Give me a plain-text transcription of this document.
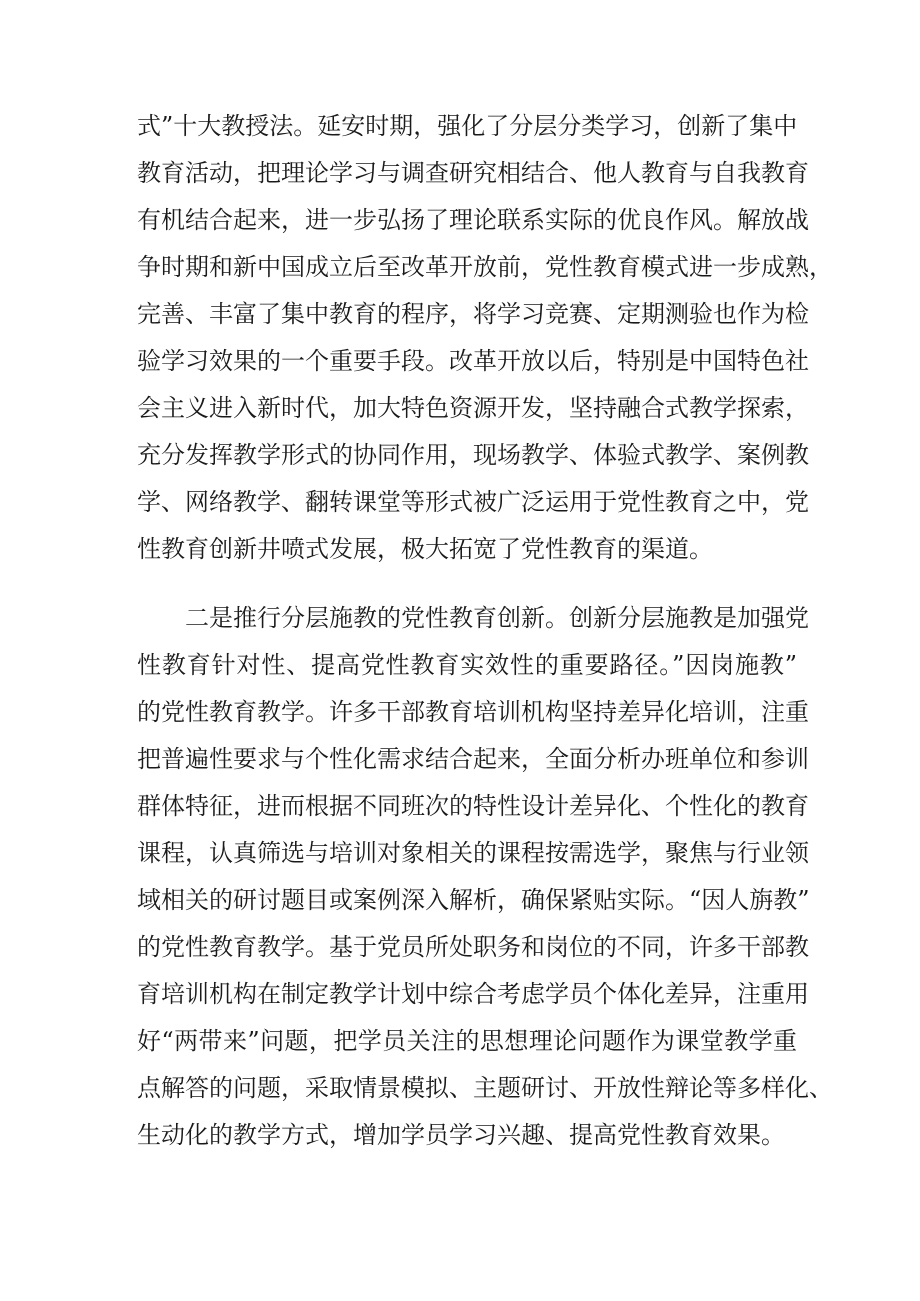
式”十大教授法。延安时期，强化了分层分类学习，创新了集中
教育活动，把理论学习与调查研究相结合、他人教育与自我教育
有机结合起来，进一步弘扬了理论联系实际的优良作风。解放战
争时期和新中国成立后至改革开放前，党性教育模式进一步成熟，
完善、丰富了集中教育的程序，将学习竞赛、定期测验也作为检
验学习效果的一个重要手段。改革开放以后，特别是中国特色社
会主义进入新时代，加大特色资源开发，坚持融合式教学探索，
充分发挥教学形式的协同作用，现场教学、体验式教学、案例教
学、网络教学、翻转课堂等形式被广泛运用于党性教育之中，党
性教育创新井喷式发展，极大拓宽了党性教育的渠道。
二是推行分层施教的党性教育创新。创新分层施教是加强党
性教育针对性、提高党性教育实效性的重要路径。”因岗施教”
的党性教育教学。许多干部教育培训机构坚持差异化培训，注重
把普遍性要求与个性化需求结合起来，全面分析办班单位和参训
群体特征，进而根据不同班次的特性设计差异化、个性化的教育
课程，认真筛选与培训对象相关的课程按需选学，聚焦与行业领
域相关的研讨题目或案例深入解析，确保紧贴实际。“因人旃教”
的党性教育教学。基于党员所处职务和岗位的不同，许多干部教
育培训机构在制定教学计划中综合考虑学员个体化差异，注重用
好“两带来”问题，把学员关注的思想理论问题作为课堂教学重
点解答的问题，采取情景模拟、主题研讨、开放性辩论等多样化、
生动化的教学方式，增加学员学习兴趣、提高党性教育效果。
